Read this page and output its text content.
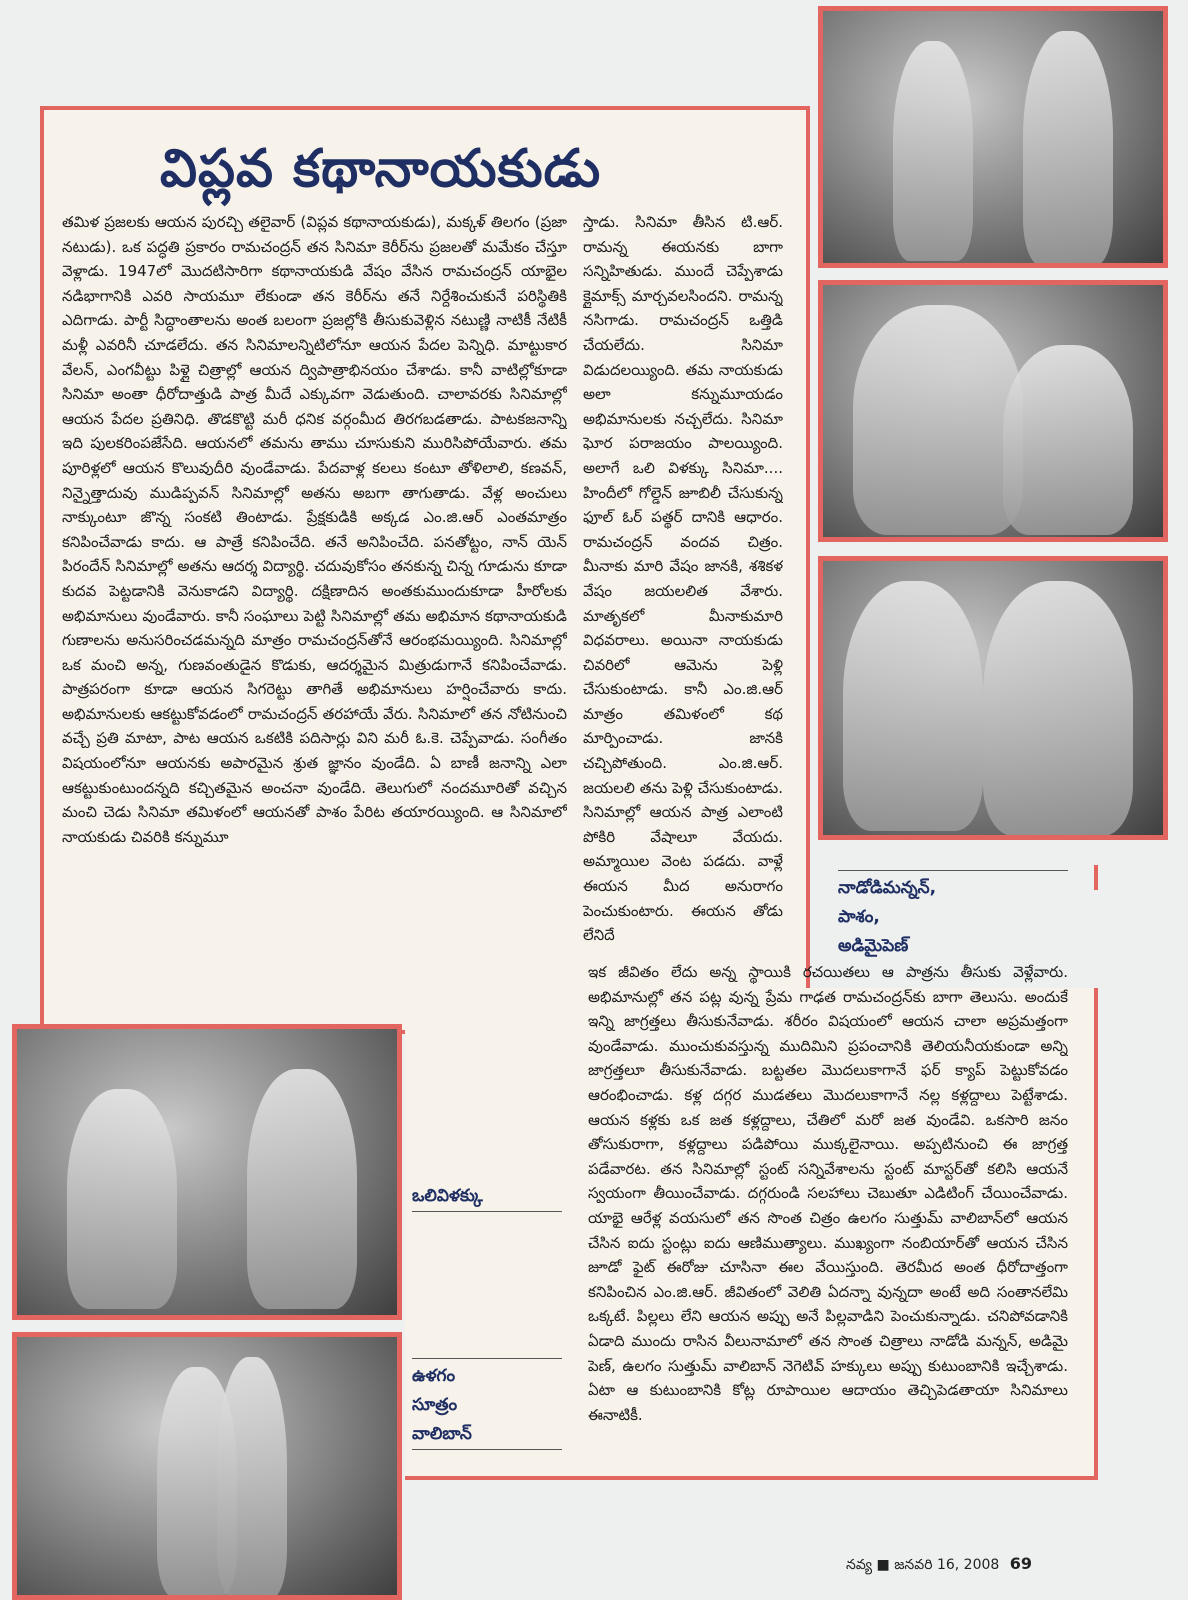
విప్లవ కథానాయకుడు
తమిళ ప్రజలకు ఆయన పురచ్చి తలైవార్ (విప్లవ కథానాయకుడు), మక్కళ్ తిలగం (ప్రజా నటుడు). ఒక పద్ధతి ప్రకారం రామచంద్రన్ తన సినిమా కెరీర్‌ను ప్రజలతో మమేకం చేస్తూ వెళ్లాడు. 1947లో మొదటిసారిగా కథానాయకుడి వేషం వేసిన రామచంద్రన్ యాభైల నడిభాగానికి ఎవరి సాయమూ లేకుండా తన కెరీర్‌ను తనే నిర్దేశించుకునే పరిస్థితికి ఎదిగాడు. పార్టీ సిద్ధాంతాలను అంత బలంగా ప్రజల్లోకి తీసుకువెళ్లిన నటుణ్ణి నాటికీ నేటికీ మళ్లీ ఎవరినీ చూడలేదు. తన సినిమాలన్నిటిలోనూ ఆయన పేదల పెన్నిధి. మాట్టుకార వేలన్, ఎంగవీట్టు పిళ్లై చిత్రాల్లో ఆయన ద్విపాత్రాభినయం చేశాడు. కానీ వాటిల్లోకూడా సినిమా అంతా ధీరోదాత్తుడి పాత్ర మీదే ఎక్కువగా వెడుతుంది. చాలావరకు సినిమాల్లో ఆయన పేదల ప్రతినిధి. తొడకొట్టి మరీ ధనిక వర్గంమీద తిరగబడతాడు. పాటకజనాన్ని ఇది పులకరింపజేసేది. ఆయనలో తమను తాము చూసుకుని మురిసిపోయేవారు. తమ పూరిళ్లలో ఆయన కొలువుదీరి వుండేవాడు. పేదవాళ్ల కలలు కంటూ తోళిలాలి, కణవన్, నిన్నైత్తాదువు ముడిప్పవన్ సినిమాల్లో అతను అబగా తాగుతాడు. వేళ్ల అంచులు నాక్కుంటూ జొన్న సంకటి తింటాడు. ప్రేక్షకుడికి అక్కడ ఎం.జి.ఆర్ ఎంతమాత్రం కనిపించేవాడు కాదు. ఆ పాత్రే కనిపించేది. తనే అనిపించేది. పనతోట్టం, నాన్ యెన్ పిరందేన్ సినిమాల్లో అతను ఆదర్శ విద్యార్థి. చదువుకోసం తనకున్న చిన్న గూడును కూడా కుదవ పెట్టడానికి వెనుకాడని విద్యార్థి. దక్షిణాదిన అంతకుముందుకూడా హీరోలకు అభిమానులు వుండేవారు. కానీ సంఘాలు పెట్టి సినిమాల్లో తమ అభిమాన కథానాయకుడి గుణాలను అనుసరించడమన్నది మాత్రం రామచంద్రన్‌తోనే ఆరంభమయ్యింది. సినిమాల్లో ఒక మంచి అన్న, గుణవంతుడైన కొడుకు, ఆదర్శమైన మిత్రుడుగానే కనిపించేవాడు. పాత్రపరంగా కూడా ఆయన సిగరెట్టు తాగితే అభిమానులు హర్షించేవారు కాదు. అభిమానులకు ఆకట్టుకోవడంలో రామచంద్రన్ తరహాయే వేరు. సినిమాలో తన నోటినుంచి వచ్చే ప్రతి మాటా, పాట ఆయన ఒకటికి పదిసార్లు విని మరీ ఓ.కె. చెప్పేవాడు. సంగీతం విషయంలోనూ ఆయనకు అపారమైన శ్రుత జ్ఞానం వుండేది. ఏ బాణీ జనాన్ని ఎలా ఆకట్టుకుంటుందన్నది కచ్చితమైన అంచనా వుండేది. తెలుగులో నందమూరితో వచ్చిన మంచి చెడు సినిమా తమిళంలో ఆయనతో పాశం పేరిట తయారయ్యింది. ఆ సినిమాలో నాయకుడు చివరికి కన్నుమూ
స్తాడు. సినిమా తీసిన టి.ఆర్. రామన్న ఈయనకు బాగా సన్నిహితుడు. ముందే చెప్పేశాడు క్లైమాక్స్ మార్చవలసిందని. రామన్న నసిగాడు. రామచంద్రన్ ఒత్తిడి చేయలేదు. సినిమా విడుదలయ్యింది. తమ నాయకుడు అలా కన్నుమూయడం అభిమానులకు నచ్చలేదు. సినిమా ఘోర పరాజయం పాలయ్యింది. అలాగే ఒలి విళక్కు సినిమా.... హిందీలో గోల్డెన్ జూబిలీ చేసుకున్న ఫూల్ ఓర్ పత్థర్ దానికి ఆధారం. రామచంద్రన్ వందవ చిత్రం. మీనాకు మారి వేషం జానకి, శశికళ వేషం జయలలిత వేశారు. మాతృకలో మీనాకుమారి విధవరాలు. అయినా నాయకుడు చివరిలో ఆమెను పెళ్లి చేసుకుంటాడు. కానీ ఎం.జి.ఆర్ మాత్రం తమిళంలో కథ మార్పించాడు. జానకి చచ్చిపోతుంది. ఎం.జి.ఆర్. జయలలి తను పెళ్లి చేసుకుంటాడు. సినిమాల్లో ఆయన పాత్ర ఎలాంటి పోకిరి వేషాలూ వేయదు. అమ్మాయిల వెంట పడదు. వాళ్లే ఈయన మీద అనురాగం పెంచుకుంటారు. ఈయన తోడు లేనిదే
ఇక జీవితం లేదు అన్న స్థాయికి రచయితలు ఆ పాత్రను తీసుకు వెళ్లేవారు. అభిమానుల్లో తన పట్ల వున్న ప్రేమ గాఢత రామచంద్రన్‌కు బాగా తెలుసు. అందుకే ఇన్ని జాగ్రత్తలు తీసుకునేవాడు. శరీరం విషయంలో ఆయన చాలా అప్రమత్తంగా వుండేవాడు. ముంచుకువస్తున్న ముదిమిని ప్రపంచానికి తెలియనీయకుండా అన్ని జాగ్రత్తలూ తీసుకునేవాడు. బట్టతల మొదలుకాగానే ఫర్ క్యాప్ పెట్టుకోవడం ఆరంభించాడు. కళ్ల దగ్గర ముడతలు మొదలుకాగానే నల్ల కళ్లద్దాలు పెట్టేశాడు. ఆయన కళ్లకు ఒక జత కళ్లద్దాలు, చేతిలో మరో జత వుండేవి. ఒకసారి జనం తోసుకురాగా, కళ్లద్దాలు పడిపోయి ముక్కలైనాయి. అప్పటినుంచి ఈ జాగ్రత్త పడేవారట. తన సినిమాల్లో స్టంట్ సన్నివేశాలను స్టంట్ మాస్టర్‌తో కలిసి ఆయనే స్వయంగా తీయించేవాడు. దగ్గరుండి సలహాలు చెబుతూ ఎడిటింగ్ చేయించేవాడు. యాభై ఆరేళ్ల వయసులో తన సొంత చిత్రం ఉలగం సుత్తుమ్ వాలిబాన్‌లో ఆయన చేసిన ఐదు స్టంట్లు ఐదు ఆణిముత్యాలు. ముఖ్యంగా నంబియార్‌తో ఆయన చేసిన జూడో ఫైట్ ఈరోజు చూసినా ఈల వేయిస్తుంది. తెరమీద అంత ధీరోదాత్తంగా కనిపించిన ఎం.జి.ఆర్. జీవితంలో వెలితి ఏదన్నా వున్నదా అంటే అది సంతానలేమి ఒక్కటే. పిల్లలు లేని ఆయన అప్పు అనే పిల్లవాడిని పెంచుకున్నాడు. చనిపోవడానికి ఏడాది ముందు రాసిన వీలునామాలో తన సొంత చిత్రాలు నాడోడి మన్నన్, అడిమై పెణ్, ఉలగం సుత్తుమ్ వాలిబాన్ నెగెటివ్ హక్కులు అప్పు కుటుంబానికి ఇచ్చేశాడు. ఏటా ఆ కుటుంబానికి కోట్ల రూపాయిల ఆదాయం తెచ్చిపెడతాయా సినిమాలు ఈనాటికీ.
నాడోడిమన్నన్,
పాశం,
అడిమైపెణ్
ఒలివిళక్కు
ఉళగం
సూత్రం
వాలిబాన్
నవ్య ■ జనవరి 16, 2008 69
